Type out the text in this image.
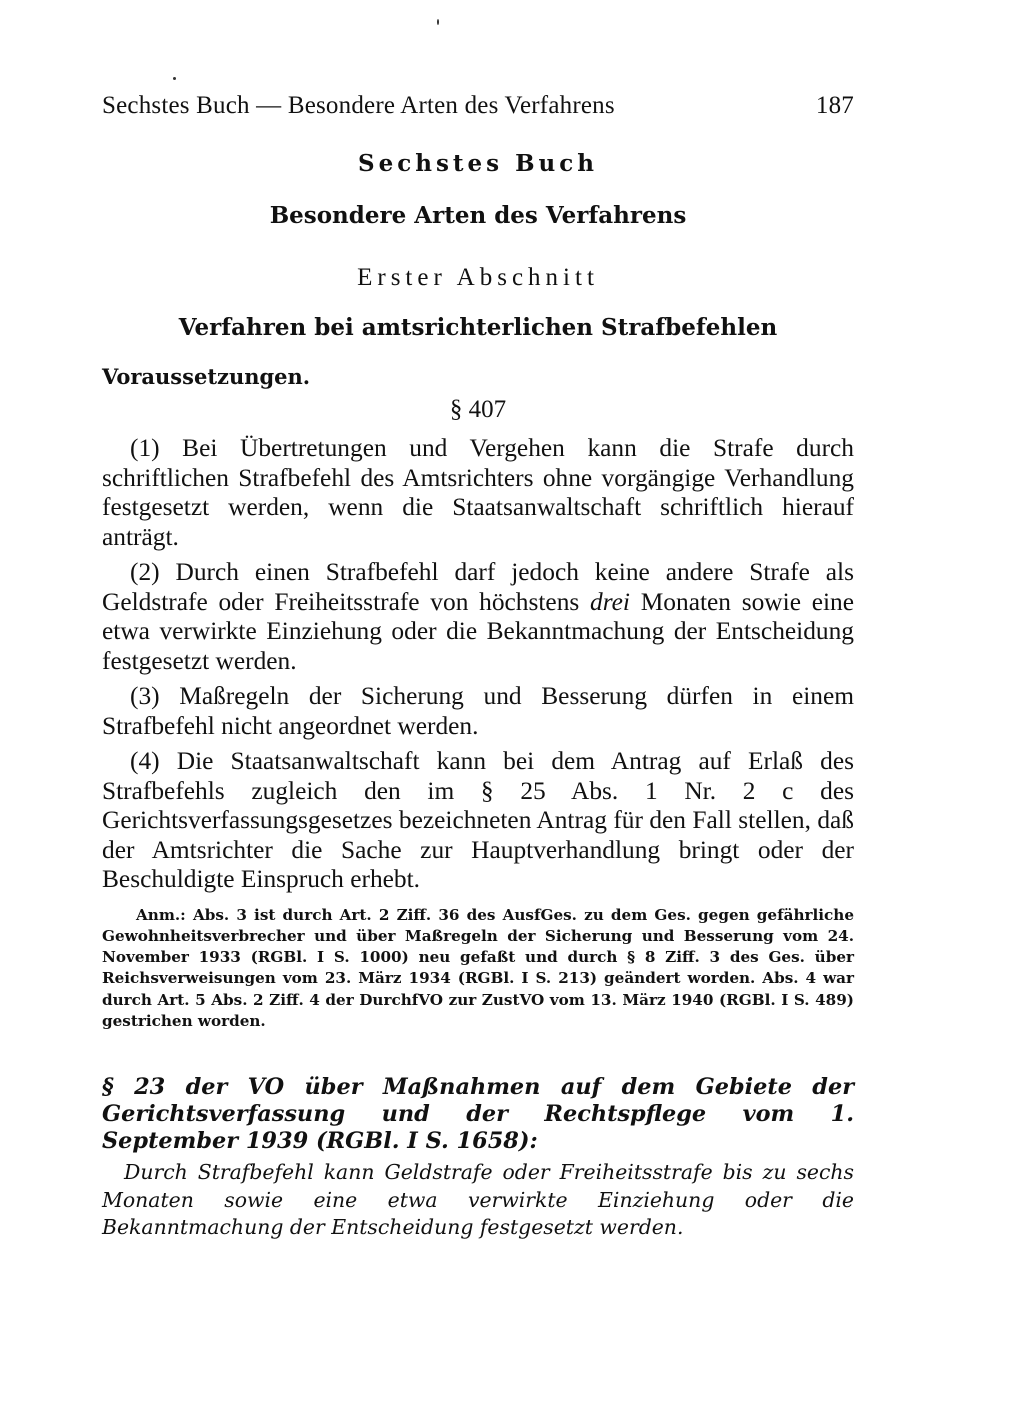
Sechstes Buch — Besondere Arten des Verfahrens	187
Sechstes Buch
Besondere Arten des Verfahrens
Erster Abschnitt
Verfahren bei amtsrichterlichen Strafbefehlen
Voraussetzungen.
§ 407

(1) Bei Übertretungen und Vergehen kann die Strafe durch schriftlichen Strafbefehl des Amtsrichters ohne vorgängige Verhandlung festgesetzt werden, wenn die Staatsanwaltschaft schriftlich hierauf anträgt.

(2) Durch einen Strafbefehl darf jedoch keine andere Strafe als Geldstrafe oder Freiheitsstrafe von höchstens drei Monaten sowie eine etwa verwirkte Einziehung oder die Bekanntmachung der Entscheidung festgesetzt werden.

(3) Maßregeln der Sicherung und Besserung dürfen in einem Strafbefehl nicht angeordnet werden.

(4) Die Staatsanwaltschaft kann bei dem Antrag auf Erlaß des Strafbefehls zugleich den im § 25 Abs. 1 Nr. 2 c des Gerichtsverfassungsgesetzes bezeichneten Antrag für den Fall stellen, daß der Amtsrichter die Sache zur Hauptverhandlung bringt oder der Beschuldigte Einspruch erhebt.

Anm.: Abs. 3 ist durch Art. 2 Ziff. 36 des AusfGes. zu dem Ges. gegen gefährliche Gewohnheitsverbrecher und über Maßregeln der Sicherung und Besserung vom 24. November 1933 (RGBl. I S. 1000) neu gefaßt und durch § 8 Ziff. 3 des Ges. über Reichsverweisungen vom 23. März 1934 (RGBl. I S. 213) geändert worden. Abs. 4 war durch Art. 5 Abs. 2 Ziff. 4 der DurchfVO zur ZustVO vom 13. März 1940 (RGBl. I S. 489) gestrichen worden.

§ 23 der VO über Maßnahmen auf dem Gebiete der Gerichtsverfassung und der Rechtspflege vom 1. September 1939 (RGBl. I S. 1658):

Durch Strafbefehl kann Geldstrafe oder Freiheitsstrafe bis zu sechs Monaten sowie eine etwa verwirkte Einziehung oder die Bekanntmachung der Entscheidung festgesetzt werden.
